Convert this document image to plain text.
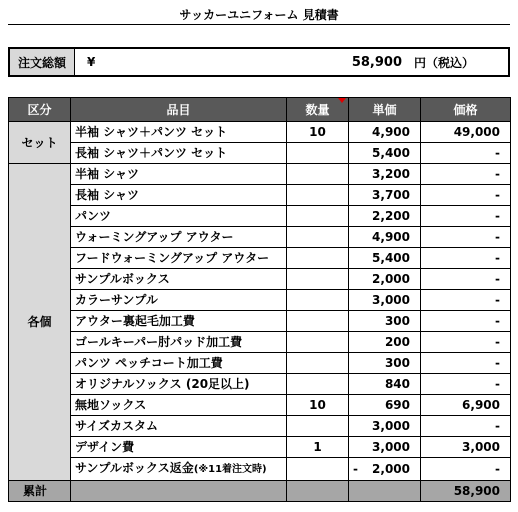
サッカーユニフォーム 見積書
注文総額	¥	58,900	円（税込）
区分	品目	数量	単価	価格
セット	半袖 シャツ＋パンツ セット	10	4,900	49,000
	長袖 シャツ＋パンツ セット		5,400	-
各個	半袖 シャツ		3,200	-
	長袖 シャツ		3,700	-
	パンツ		2,200	-
	ウォーミングアップ アウター		4,900	-
	フードウォーミングアップ アウター		5,400	-
	サンプルボックス		2,000	-
	カラーサンプル		3,000	-
	アウター裏起毛加工費		300	-
	ゴールキーパー肘パッド加工費		200	-
	パンツ ペッチコート加工費		300	-
	オリジナルソックス (20足以上)		840	-
	無地ソックス	10	690	6,900
	サイズカスタム		3,000	-
	デザイン費	1	3,000	3,000
	サンプルボックス返金(※11着注文時)		- 2,000	-
累計				58,900
